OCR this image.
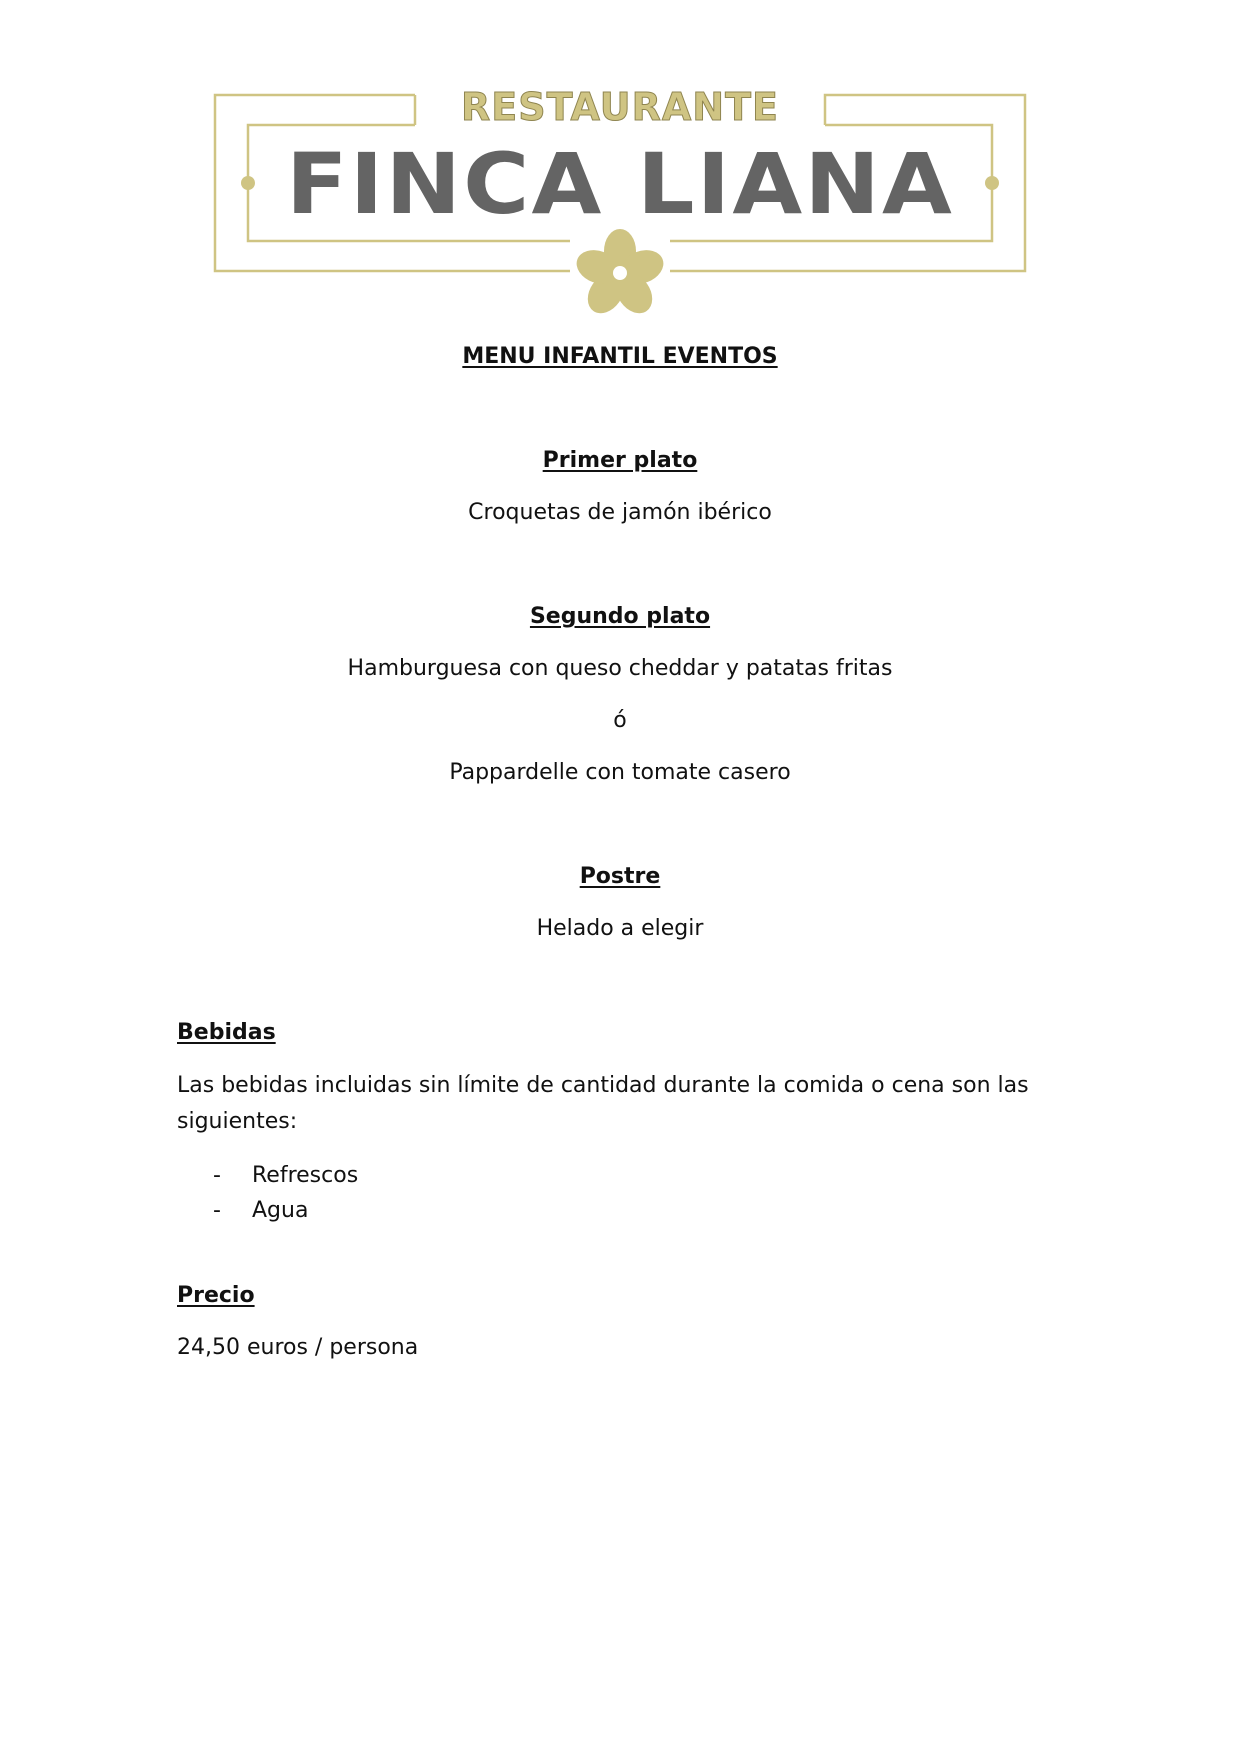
RESTAURANTE
FINCA LIANA
MENU INFANTIL EVENTOS
Primer plato
Croquetas de jamón ibérico
Segundo plato
Hamburguesa con queso cheddar y patatas fritas
ó
Pappardelle con tomate casero
Postre
Helado a elegir
Bebidas
Las bebidas incluidas sin límite de cantidad durante la comida o cena son las siguientes:
- Refrescos
- Agua
Precio
24,50 euros / persona
